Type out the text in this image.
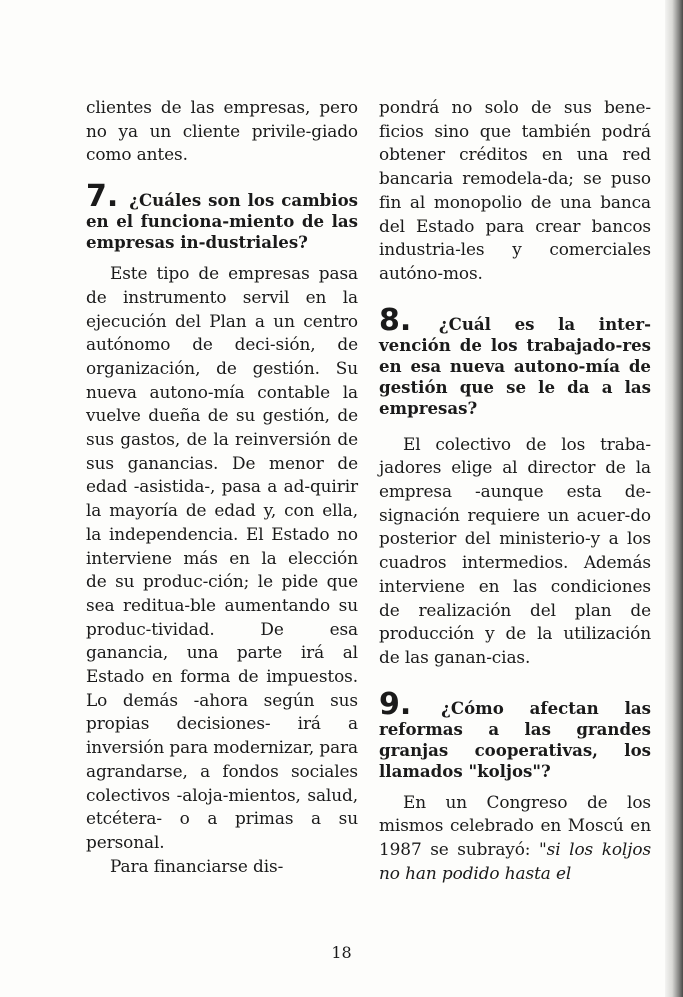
clientes de las empresas, pero no ya un cliente privile-giado como antes.

7. ¿Cuáles son los cambios en el funciona-miento de las empresas in-dustriales?

Este tipo de empresas pasa de instrumento servil en la ejecución del Plan a un centro autónomo de deci-sión, de organización, de gestión. Su nueva autono-mía contable la vuelve dueña de su gestión, de sus gastos, de la reinversión de sus ganancias. De menor de edad -asistida-, pasa a ad-quirir la mayoría de edad y, con ella, la independencia. El Estado no interviene más en la elección de su produc-ción; le pide que sea reditua-ble aumentando su produc-tividad. De esa ganancia, una parte irá al Estado en forma de impuestos. Lo demás -ahora según sus propias decisiones- irá a inversión para modernizar, para agrandarse, a fondos sociales colectivos -aloja-mientos, salud, etcétera- o a primas a su personal.

Para financiarse dis-

pondrá no solo de sus bene-ficios sino que también podrá obtener créditos en una red bancaria remodela-da; se puso fin al monopolio de una banca del Estado para crear bancos industria-les y comerciales autóno-mos.

8. ¿Cuál es la inter-vención de los trabajado-res en esa nueva autono-mía de gestión que se le da a las empresas?

El colectivo de los traba-jadores elige al director de la empresa -aunque esta de-signación requiere un acuer-do posterior del ministerio-y a los cuadros intermedios. Además interviene en las condiciones de realización del plan de producción y de la utilización de las ganan-cias.

9. ¿Cómo afectan las reformas a las grandes granjas cooperativas, los llamados "koljos"?

En un Congreso de los mismos celebrado en Moscú en 1987 se subrayó: "si los koljos no han podido hasta el

18
